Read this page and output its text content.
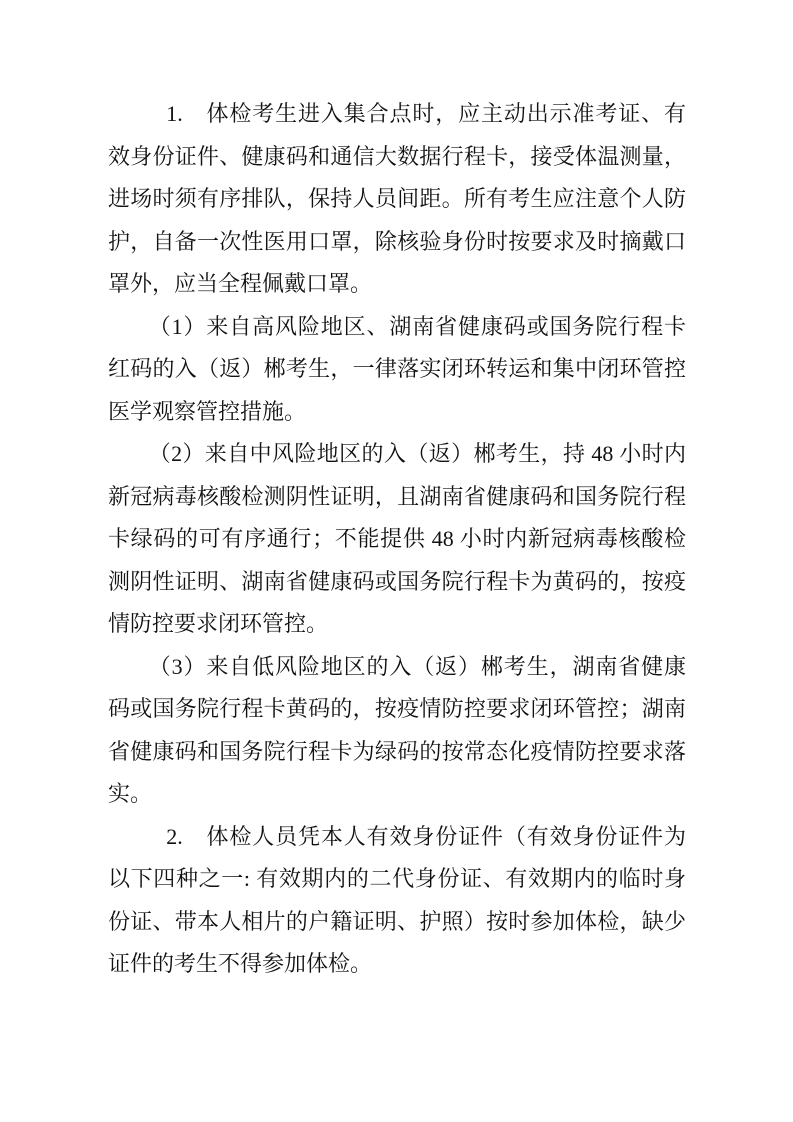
1.　体检考生进入集合点时，应主动出示准考证、有效身份证件、健康码和通信大数据行程卡，接受体温测量，进场时须有序排队，保持人员间距。所有考生应注意个人防护，自备一次性医用口罩，除核验身份时按要求及时摘戴口罩外，应当全程佩戴口罩。

（1）来自高风险地区、湖南省健康码或国务院行程卡红码的入（返）郴考生，一律落实闭环转运和集中闭环管控医学观察管控措施。

（2）来自中风险地区的入（返）郴考生，持 48 小时内新冠病毒核酸检测阴性证明，且湖南省健康码和国务院行程卡绿码的可有序通行；不能提供 48 小时内新冠病毒核酸检测阴性证明、湖南省健康码或国务院行程卡为黄码的，按疫情防控要求闭环管控。

（3）来自低风险地区的入（返）郴考生，湖南省健康码或国务院行程卡黄码的，按疫情防控要求闭环管控；湖南省健康码和国务院行程卡为绿码的按常态化疫情防控要求落实。

2.　体检人员凭本人有效身份证件（有效身份证件为以下四种之一: 有效期内的二代身份证、有效期内的临时身份证、带本人相片的户籍证明、护照）按时参加体检，缺少证件的考生不得参加体检。
